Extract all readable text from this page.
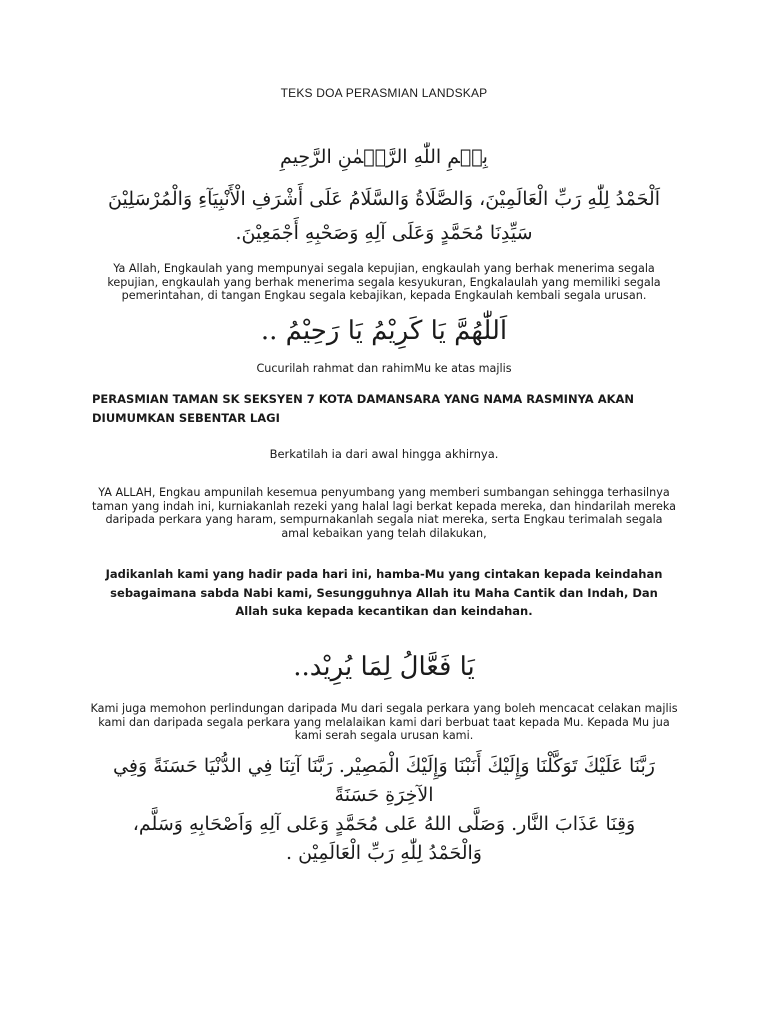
TEKS DOA PERASMIAN LANDSKAP

بِسۡمِ اللّٰهِ الرَّحۡمٰنِ الرَّحِيمِ

اَلْحَمْدُ لِلّٰهِ رَبِّ الْعَالَمِيْنَ، وَالصَّلَاةُ وَالسَّلَامُ عَلَى أَشْرَفِ الْأَنْبِيَآءِ وَالْمُرْسَلِيْنَ سَيِّدِنَا مُحَمَّدٍ وَعَلَى آلِهِ وَصَحْبِهِ أَجْمَعِيْنَ.

Ya Allah, Engkaulah yang mempunyai segala kepujian, engkaulah yang berhak menerima segala kepujian, engkaulah yang berhak menerima segala kesyukuran, Engkalaulah yang memiliki segala pemerintahan, di tangan Engkau segala kebajikan, kepada Engkaulah kembali segala urusan.

اَللّٰهُمَّ يَا كَرِيْمُ يَا رَحِيْمُ ..

Cucurilah rahmat dan rahimMu ke atas majlis

PERASMIAN TAMAN SK SEKSYEN 7 KOTA DAMANSARA YANG NAMA RASMINYA AKAN DIUMUMKAN SEBENTAR LAGI

Berkatilah ia dari awal hingga akhirnya.

YA ALLAH, Engkau ampunilah kesemua penyumbang yang memberi sumbangan sehingga terhasilnya taman yang indah ini, kurniakanlah rezeki yang halal lagi berkat kepada mereka, dan hindarilah mereka daripada perkara yang haram, sempurnakanlah segala niat mereka, serta Engkau terimalah segala amal kebaikan yang telah dilakukan,

Jadikanlah kami yang hadir pada hari ini, hamba-Mu yang cintakan kepada keindahan sebagaimana sabda Nabi kami, Sesungguhnya Allah itu Maha Cantik dan Indah, Dan Allah suka kepada kecantikan dan keindahan.

يَا فَعَّالُ لِمَا يُرِيْد..

Kami juga memohon perlindungan daripada Mu dari segala perkara yang boleh mencacat celakan majlis kami dan daripada segala perkara yang melalaikan kami dari berbuat taat kepada Mu. Kepada Mu jua kami serah segala urusan kami.

رَبَّنَا عَلَيْكَ تَوَكَّلْنَا وَإِلَيْكَ أَنَبْنَا وَإِلَيْكَ الْمَصِيْر. رَبَّنَا آتِنَا فِي الدُّنْيَا حَسَنَةً وَفِي الآخِرَةِ حَسَنَةً
وَقِنَا عَذَابَ النَّار. وَصَلَّى اللهُ عَلى مُحَمَّدٍ وَعَلى آلِهِ وَاَصْحَابِهِ وَسَلَّم،
وَالْحَمْدُ لِلّٰهِ رَبِّ الْعَالَمِيْن .
